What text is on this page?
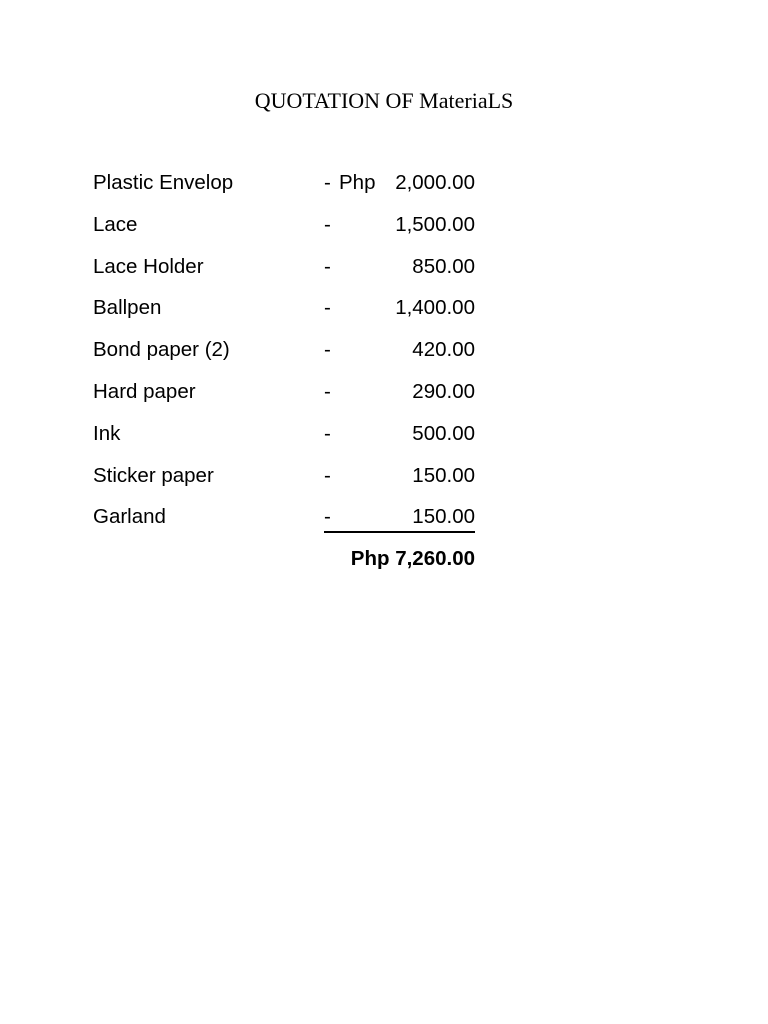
QUOTATION OF MateriaLS
Plastic Envelop	- Php 2,000.00
Lace	-	1,500.00
Lace Holder	-	850.00
Ballpen	-	1,400.00
Bond paper (2)	-	420.00
Hard paper	-	290.00
Ink	-	500.00
Sticker paper	-	150.00
Garland	-	150.00
Php 7,260.00
